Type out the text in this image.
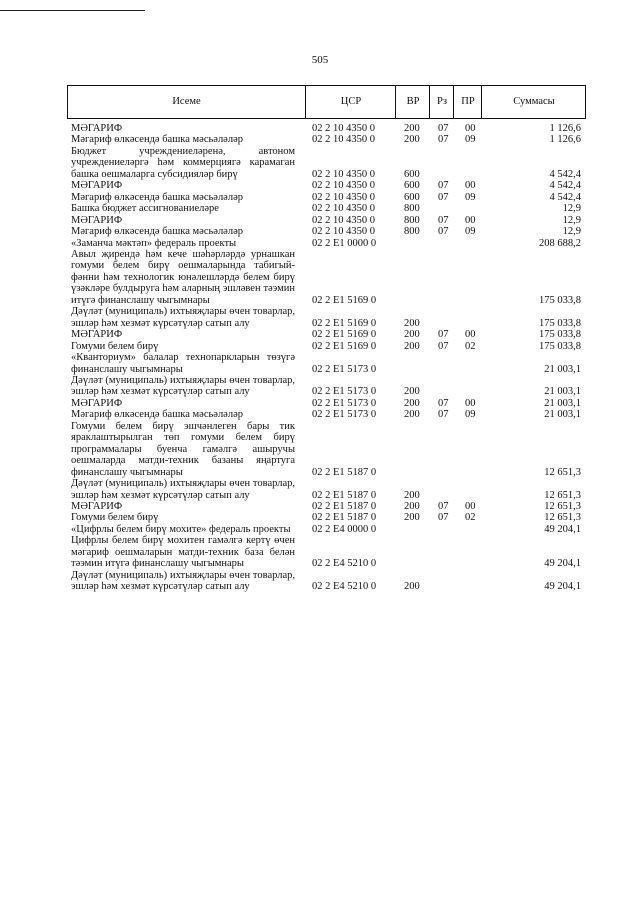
505
Исеме	ЦСР	ВР	Рз	ПР	Суммасы
МӘГАРИФ	02 2 10 4350 0	200 07 00	1 126,6
Мәгариф өлкәсендә башка мәсьәләләр	02 2 10 4350 0	200 07 09	1 126,6
Бюджет учреждениеләренә, автоном учреждениеләргә һәм коммерциягә карамаган башка оешмаларга субсидияләр бирү	02 2 10 4350 0	600	4 542,4
МӘГАРИФ	02 2 10 4350 0	600 07 00	4 542,4
Мәгариф өлкәсендә башка мәсьәләләр	02 2 10 4350 0	600 07 09	4 542,4
Башка бюджет ассигнованиеләре	02 2 10 4350 0	800	12,9
МӘГАРИФ	02 2 10 4350 0	800 07 00	12,9
Мәгариф өлкәсендә башка мәсьәләләр	02 2 10 4350 0	800 07 09	12,9
«Заманча мәктәп» федераль проекты	02 2 E1 0000 0	208 688,2
Авыл җирендә һәм кече шәһәрләрдә урнашкан гомуми белем бирү оешмаларында табигый-фәнни һәм технологик юнәлешләрдә белем бирү үзәкләре булдыруга һәм аларның эшләвен тәэмин итүгә финанслашу чыгымнары	02 2 E1 5169 0	175 033,8
Дәүләт (муниципаль) ихтыяҗлары өчен товарлар, эшләр һәм хезмәт күрсәтүләр сатып алу	02 2 E1 5169 0	200	175 033,8
МӘГАРИФ	02 2 E1 5169 0	200 07 00	175 033,8
Гомуми белем бирү	02 2 E1 5169 0	200 07 02	175 033,8
«Кванториум» балалар технопаркларын төзүгә финанслашу чыгымнары	02 2 E1 5173 0	21 003,1
Дәүләт (муниципаль) ихтыяҗлары өчен товарлар, эшләр һәм хезмәт күрсәтүләр сатып алу	02 2 E1 5173 0	200	21 003,1
МӘГАРИФ	02 2 E1 5173 0	200 07 00	21 003,1
Мәгариф өлкәсендә башка мәсьәләләр	02 2 E1 5173 0	200 07 09	21 003,1
Гомуми белем бирү эшчәнлеген бары тик яраклаштырылган төп гомуми белем бирү программалары буенча гамәлгә ашыручы оешмаларда матди-техник базаны яңартуга финанслашу чыгымнары	02 2 E1 5187 0	12 651,3
Дәүләт (муниципаль) ихтыяҗлары өчен товарлар, эшләр һәм хезмәт күрсәтүләр сатып алу	02 2 E1 5187 0	200	12 651,3
МӘГАРИФ	02 2 E1 5187 0	200 07 00	12 651,3
Гомуми белем бирү	02 2 E1 5187 0	200 07 02	12 651,3
«Цифрлы белем бирү мохите» федераль проекты	02 2 E4 0000 0	49 204,1
Цифрлы белем бирү мохитен гамәлгә кертү өчен мәгариф оешмаларын матди-техник база белән тәэмин итүгә финанслашу чыгымнары	02 2 E4 5210 0	49 204,1
Дәүләт (муниципаль) ихтыяҗлары өчен товарлар, эшләр һәм хезмәт күрсәтүләр сатып алу	02 2 E4 5210 0	200	49 204,1
